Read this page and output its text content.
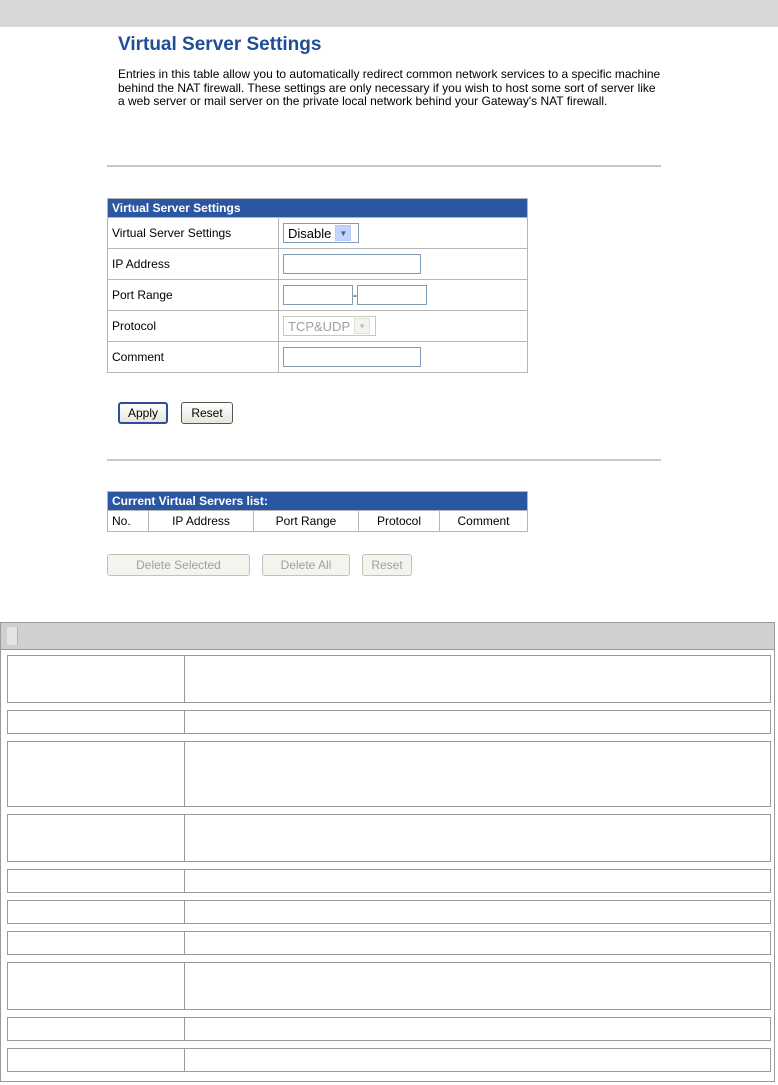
Virtual Server Settings

Entries in this table allow you to automatically redirect common network services to a specific machine behind the NAT firewall. These settings are only necessary if you wish to host some sort of server like a web server or mail server on the private local network behind your Gateway's NAT firewall.

Virtual Server Settings	
Virtual Server Settings	Disable ▼

IP Address	
Port Range	-
Protocol	TCP&UDP ▼

Comment	
Apply	Reset
Current Virtual Servers list:
No.	IP Address	Port Range	Protocol	Comment
Delete Selected	Delete All	Reset
